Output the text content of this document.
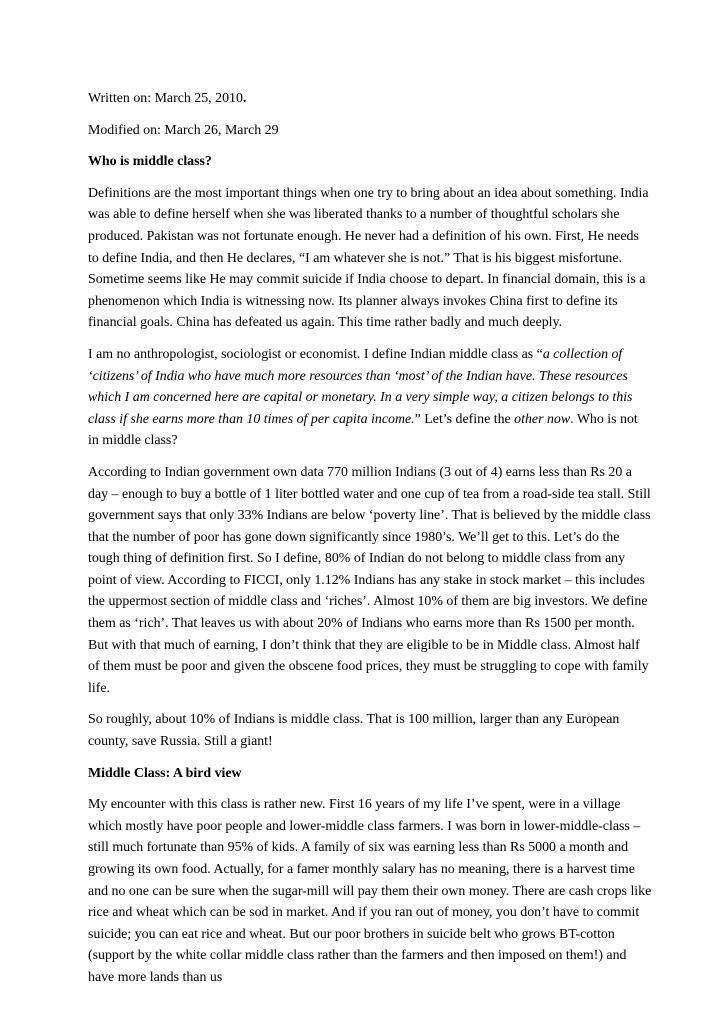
Written on: March 25, 2010.

Modified on: March 26, March 29

Who is middle class?

Definitions are the most important things when one try to bring about an idea about something. India was able to define herself when she was liberated thanks to a number of thoughtful scholars she produced. Pakistan was not fortunate enough. He never had a definition of his own. First, He needs to define India, and then He declares, “I am whatever she is not.” That is his biggest misfortune. Sometime seems like He may commit suicide if India choose to depart. In financial domain, this is a phenomenon which India is witnessing now. Its planner always invokes China first to define its financial goals. China has defeated us again. This time rather badly and much deeply.

I am no anthropologist, sociologist or economist. I define Indian middle class as “a collection of ‘citizens’ of India who have much more resources than ‘most’ of the Indian have. These resources which I am concerned here are capital or monetary. In a very simple way, a citizen belongs to this class if she earns more than 10 times of per capita income.” Let’s define the other now. Who is not in middle class?

According to Indian government own data 770 million Indians (3 out of 4) earns less than Rs 20 a day – enough to buy a bottle of 1 liter bottled water and one cup of tea from a road-side tea stall. Still government says that only 33% Indians are below ‘poverty line’. That is believed by the middle class that the number of poor has gone down significantly since 1980’s. We’ll get to this. Let’s do the tough thing of definition first. So I define, 80% of Indian do not belong to middle class from any point of view. According to FICCI, only 1.12% Indians has any stake in stock market – this includes the uppermost section of middle class and ‘riches’. Almost 10% of them are big investors. We define them as ‘rich’. That leaves us with about 20% of Indians who earns more than Rs 1500 per month. But with that much of earning, I don’t think that they are eligible to be in Middle class. Almost half of them must be poor and given the obscene food prices, they must be struggling to cope with family life.

So roughly, about 10% of Indians is middle class. That is 100 million, larger than any European county, save Russia. Still a giant!

Middle Class: A bird view

My encounter with this class is rather new. First 16 years of my life I’ve spent, were in a village which mostly have poor people and lower-middle class farmers. I was born in lower-middle-class – still much fortunate than 95% of kids. A family of six was earning less than Rs 5000 a month and growing its own food. Actually, for a famer monthly salary has no meaning, there is a harvest time and no one can be sure when the sugar-mill will pay them their own money. There are cash crops like rice and wheat which can be sod in market. And if you ran out of money, you don’t have to commit suicide; you can eat rice and wheat. But our poor brothers in suicide belt who grows BT-cotton (support by the white collar middle class rather than the farmers and then imposed on them!) and have more lands than us
